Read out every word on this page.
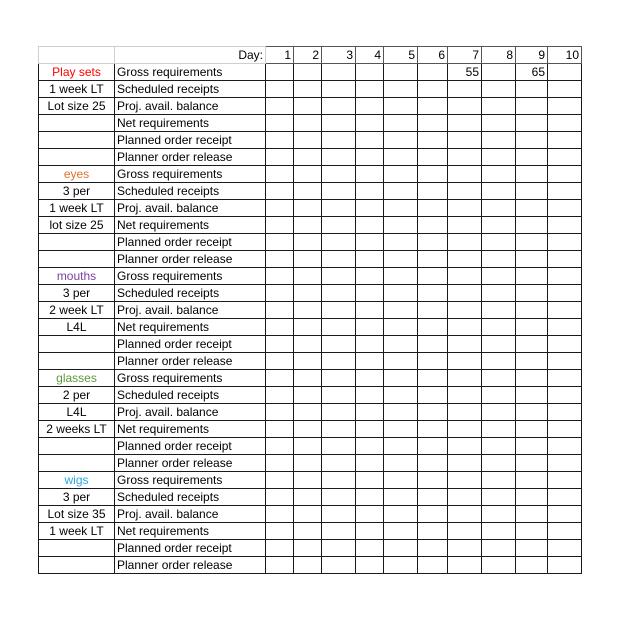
	Day:	1	2	3	4	5	6	7	8	9	10
Play sets	Gross requirements							55		65	
1 week LT	Scheduled receipts										
Lot size 25	Proj. avail. balance										
	Net requirements										
	Planned order receipt										
	Planner order release										
eyes	Gross requirements										
3 per	Scheduled receipts										
1 week LT	Proj. avail. balance										
lot size 25	Net requirements										
	Planned order receipt										
	Planner order release										
mouths	Gross requirements										
3 per	Scheduled receipts										
2 week LT	Proj. avail. balance										
L4L	Net requirements										
	Planned order receipt										
	Planner order release										
glasses	Gross requirements										
2 per	Scheduled receipts										
L4L	Proj. avail. balance										
2 weeks LT	Net requirements										
	Planned order receipt										
	Planner order release										
wigs	Gross requirements										
3 per	Scheduled receipts										
Lot size 35	Proj. avail. balance										
1 week LT	Net requirements										
	Planned order receipt										
	Planner order release										
